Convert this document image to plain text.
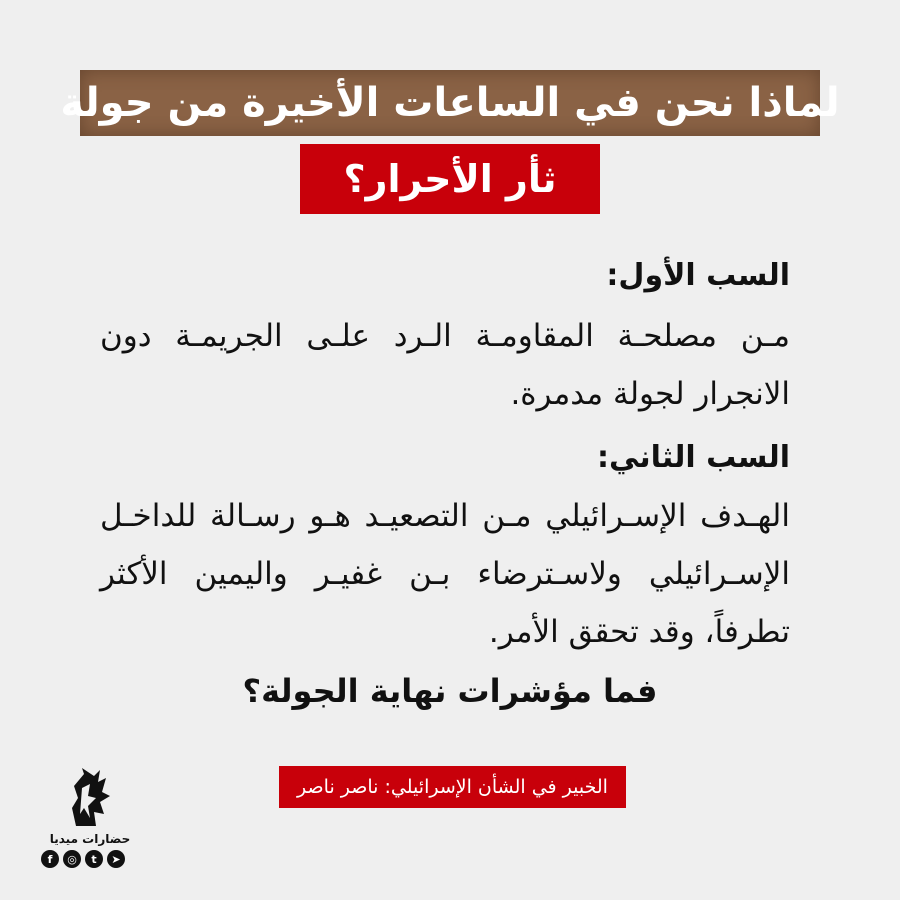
لماذا نحن في الساعات الأخيرة من جولة
ثأر الأحرار؟
السب الأول:
مـن مصلحـة المقاومـة الـرد علـى الجريمـة دون الانجرار لجولة مدمرة.
السب الثاني:
الهـدف الإسـرائيلي مـن التصعيـد هـو رسـالة للداخـل الإسـرائيلي ولاسـترضاء بـن غفيـر واليمين الأكثر تطرفاً، وقد تحقق الأمر.
فما مؤشرات نهاية الجولة؟
الخبير في الشأن الإسرائيلي: ناصر ناصر
حضارات ميديا
f	◎	t	➤
